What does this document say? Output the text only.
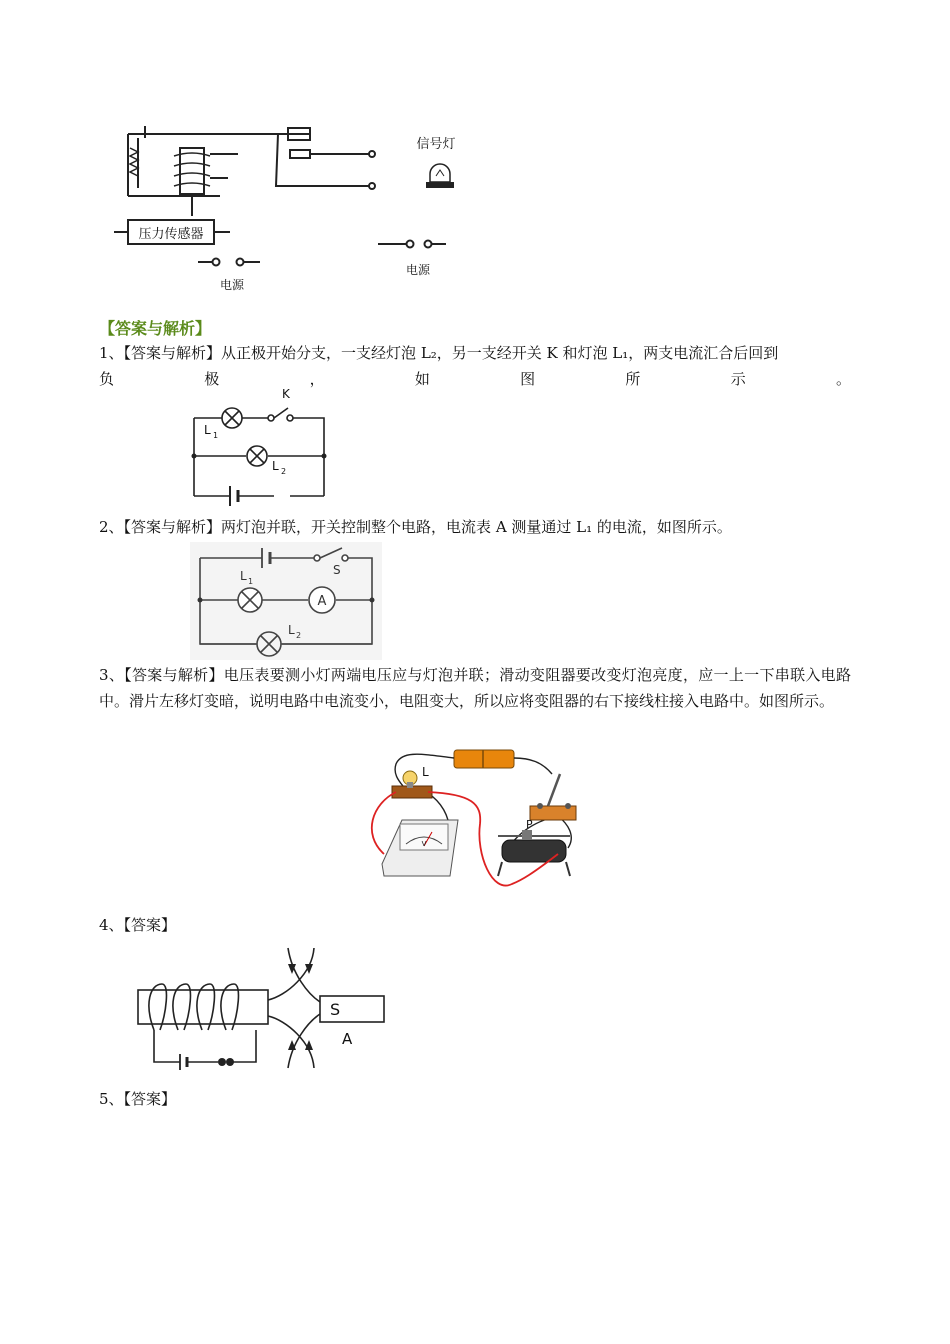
压力传感器
电源
信号灯
电源
【答案与解析】
1、【答案与解析】从正极开始分支，一支经灯泡 L₂，另一支经开关 K 和灯泡 L₁，两支电流汇合后回到
负极，如图所示。
K
L 1
L 2
2、【答案与解析】两灯泡并联，开关控制整个电路，电流表 A 测量通过 L₁ 的电流，如图所示。
A
S
L 1
L 2
3、【答案与解析】电压表要测小灯两端电压应与灯泡并联；滑动变阻器要改变灯泡亮度，应一上一下串联入电路中。滑片左移灯变暗，说明电路中电流变小，电阻变大，所以应将变阻器的右下接线柱接入电路中。如图所示。
L
P
V
4、【答案】
S
A
5、【答案】
